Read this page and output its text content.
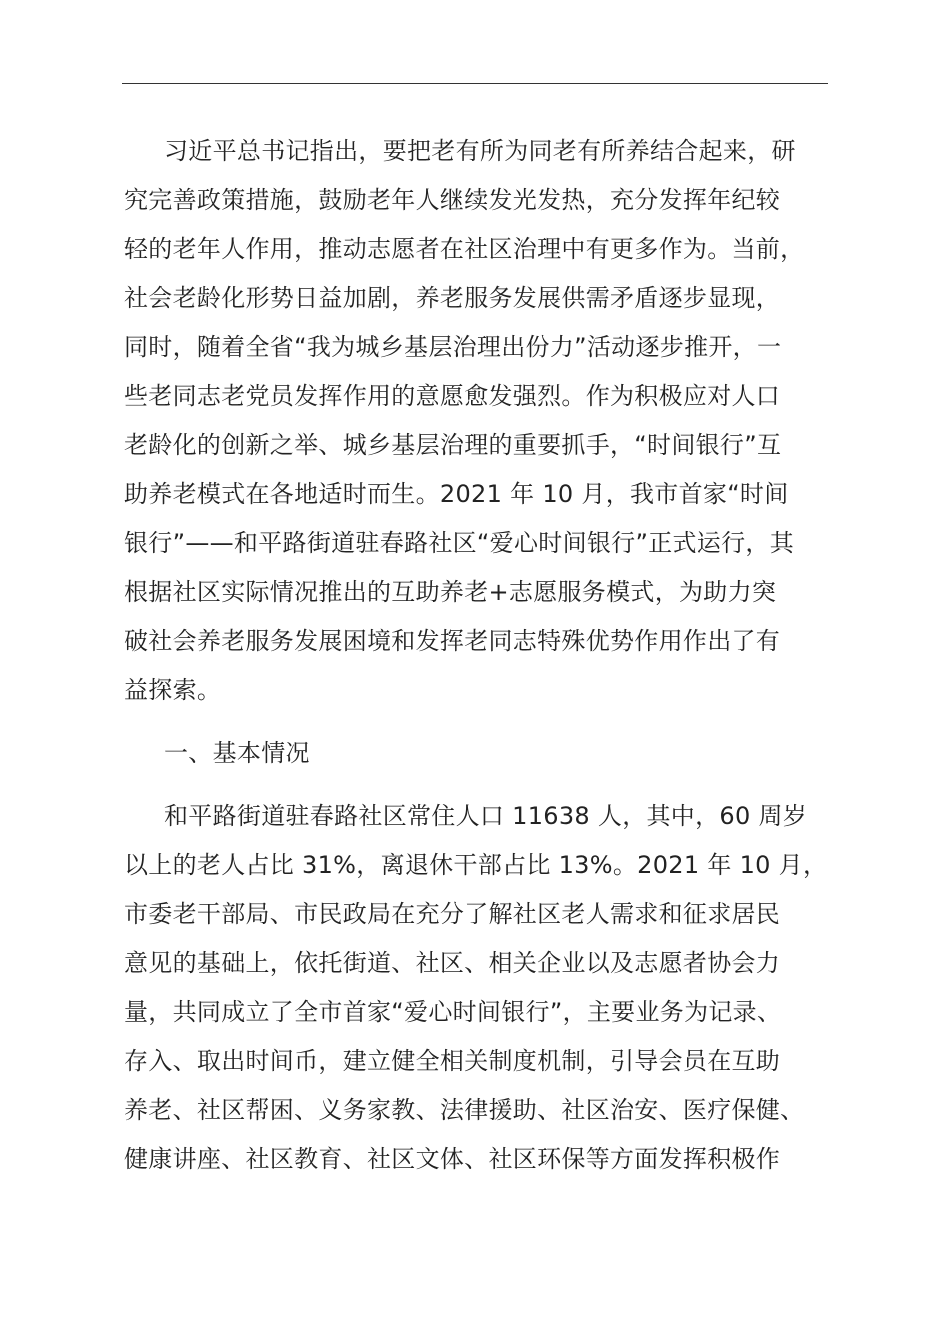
习近平总书记指出，要把老有所为同老有所养结合起来，研
究完善政策措施，鼓励老年人继续发光发热，充分发挥年纪较
轻的老年人作用，推动志愿者在社区治理中有更多作为。当前，
社会老龄化形势日益加剧，养老服务发展供需矛盾逐步显现，
同时，随着全省“我为城乡基层治理出份力”活动逐步推开，一
些老同志老党员发挥作用的意愿愈发强烈。作为积极应对人口
老龄化的创新之举、城乡基层治理的重要抓手，“时间银行”互
助养老模式在各地适时而生。2021 年 10 月，我市首家“时间
银行”——和平路街道驻春路社区“爱心时间银行”正式运行，其
根据社区实际情况推出的互助养老+志愿服务模式，为助力突
破社会养老服务发展困境和发挥老同志特殊优势作用作出了有
益探索。
一、基本情况
和平路街道驻春路社区常住人口 11638 人，其中，60 周岁
以上的老人占比 31%，离退休干部占比 13%。2021 年 10 月，
市委老干部局、市民政局在充分了解社区老人需求和征求居民
意见的基础上，依托街道、社区、相关企业以及志愿者协会力
量，共同成立了全市首家“爱心时间银行”，主要业务为记录、
存入、取出时间币，建立健全相关制度机制，引导会员在互助
养老、社区帮困、义务家教、法律援助、社区治安、医疗保健、
健康讲座、社区教育、社区文体、社区环保等方面发挥积极作
